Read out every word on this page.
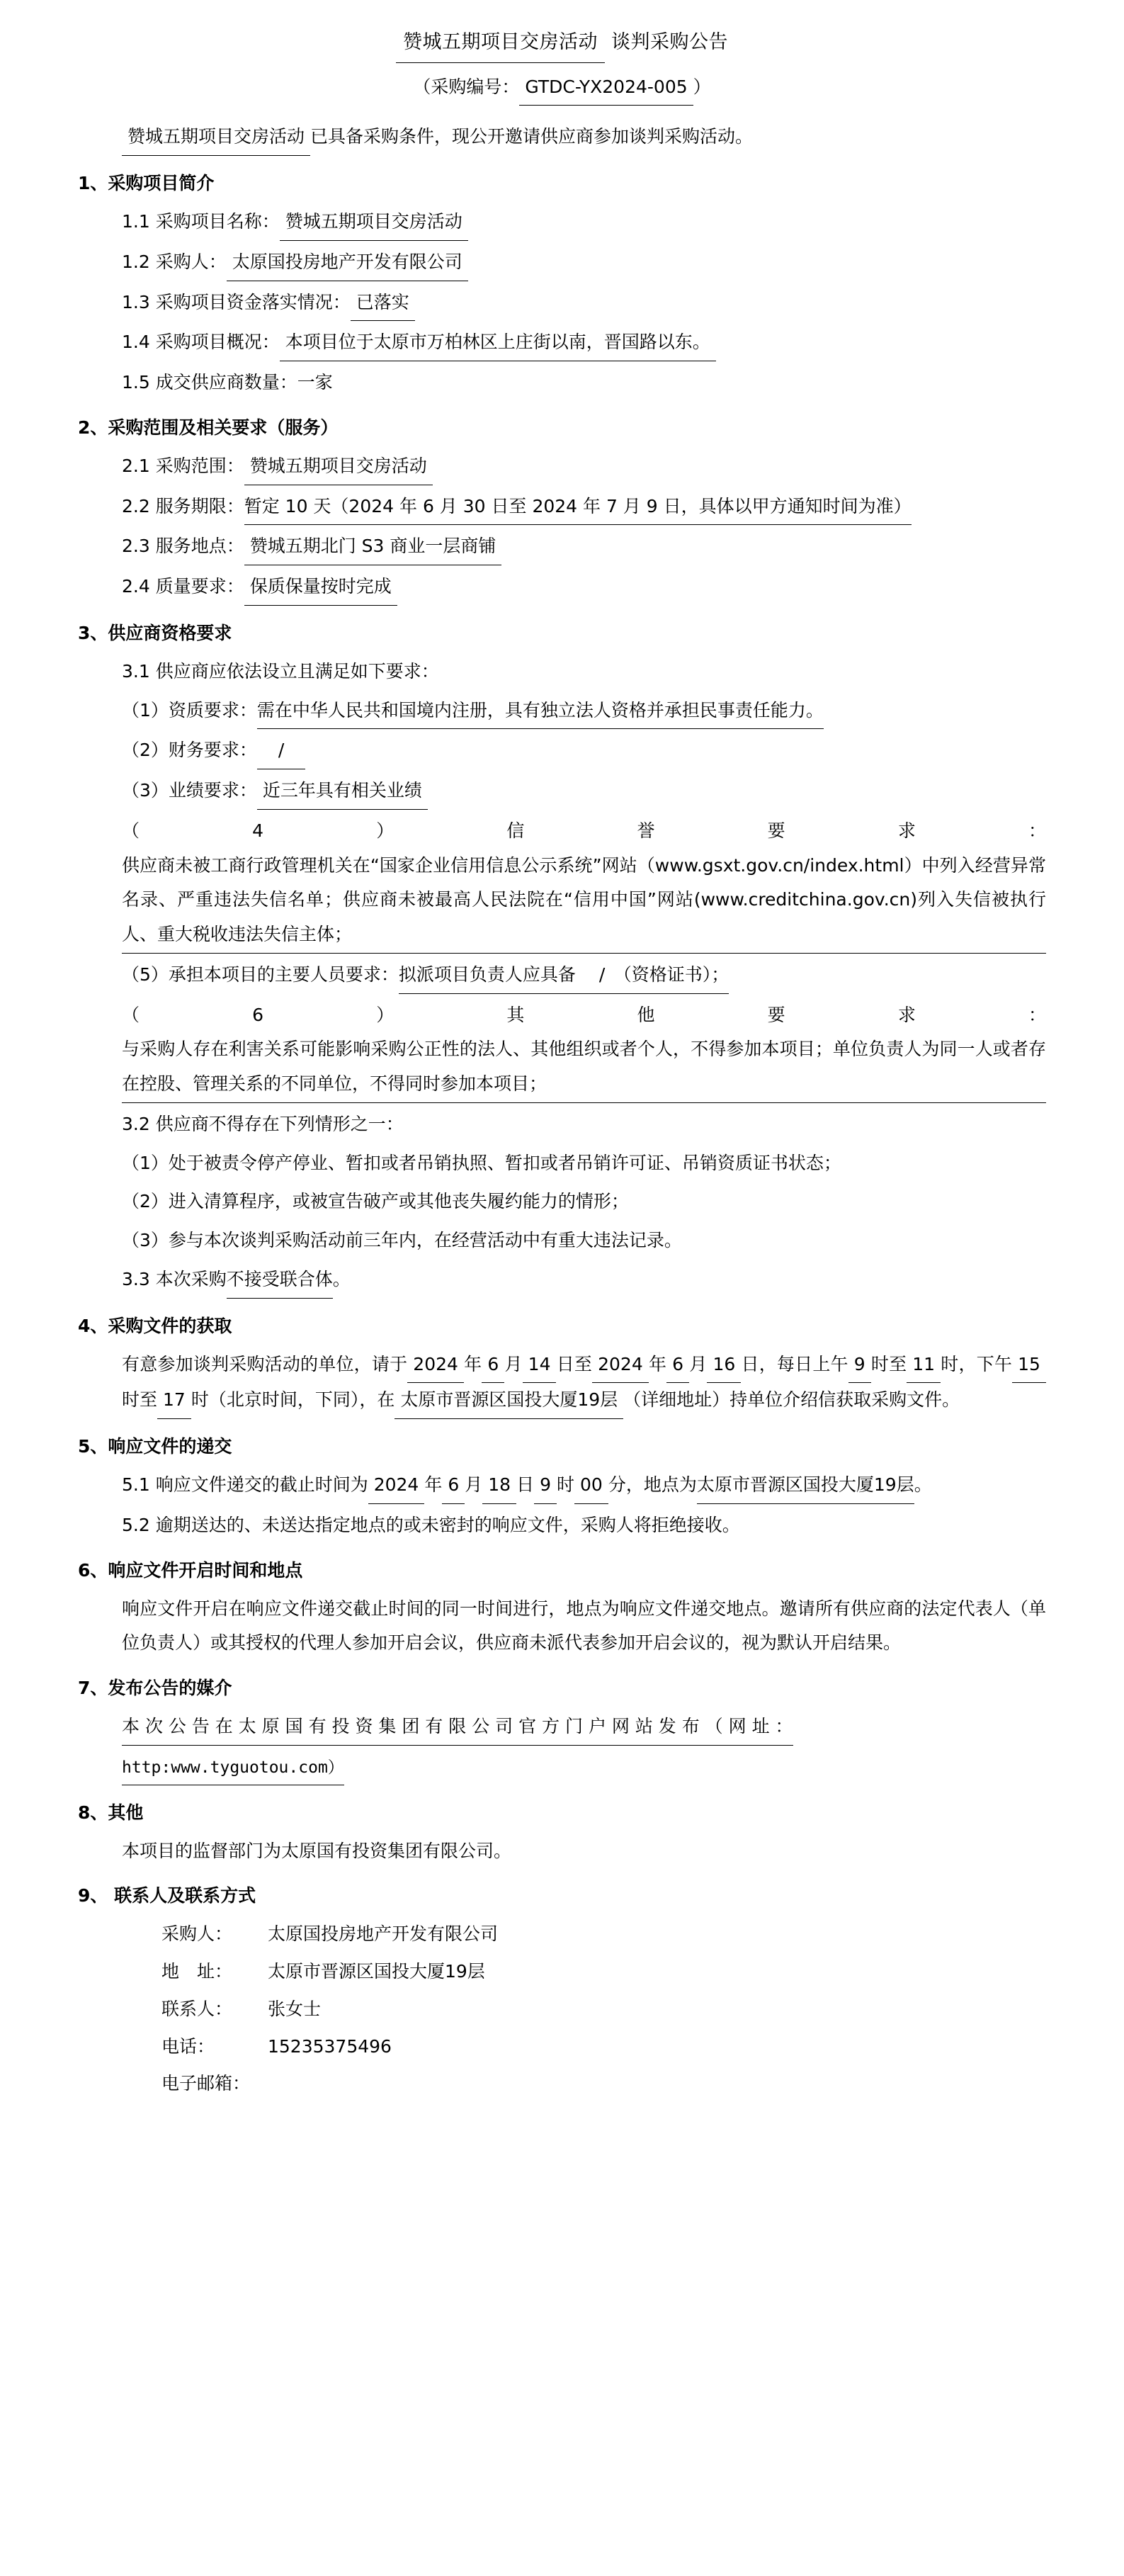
赞城五期项目交房活动 谈判采购公告
（采购编号： GTDC-YX2024-005 ）
赞城五期项目交房活动 已具备采购条件，现公开邀请供应商参加谈判采购活动。
1、采购项目简介
1.1 采购项目名称： 赞城五期项目交房活动
1.2 采购人： 太原国投房地产开发有限公司
1.3 采购项目资金落实情况： 已落实
1.4 采购项目概况： 本项目位于太原市万柏林区上庄街以南，晋国路以东。
1.5 成交供应商数量：一家
2、采购范围及相关要求（服务）
2.1 采购范围： 赞城五期项目交房活动
2.2 服务期限：暂定 10 天（2024 年 6 月 30 日至 2024 年 7 月 9 日，具体以甲方通知时间为准）
2.3 服务地点： 赞城五期北门 S3 商业一层商铺
2.4 质量要求： 保质保量按时完成
3、供应商资格要求
3.1 供应商应依法设立且满足如下要求：
（1）资质要求：需在中华人民共和国境内注册，具有独立法人资格并承担民事责任能力。
（2）财务要求： /
（3）业绩要求： 近三年具有相关业绩
（4）信誉要求：供应商未被工商行政管理机关在“国家企业信用信息公示系统”网站（www.gsxt.gov.cn/index.html）中列入经营异常名录、严重违法失信名单；供应商未被最高人民法院在“信用中国”网站(www.creditchina.gov.cn)列入失信被执行人、重大税收违法失信主体；
（5）承担本项目的主要人员要求：拟派项目负责人应具备 　/　（资格证书）；
（6）其他要求：与采购人存在利害关系可能影响采购公正性的法人、其他组织或者个人，不得参加本项目；单位负责人为同一人或者存在控股、管理关系的不同单位，不得同时参加本项目；
3.2 供应商不得存在下列情形之一：
（1）处于被责令停产停业、暂扣或者吊销执照、暂扣或者吊销许可证、吊销资质证书状态；
（2）进入清算程序，或被宣告破产或其他丧失履约能力的情形；
（3）参与本次谈判采购活动前三年内，在经营活动中有重大违法记录。
3.3 本次采购不接受联合体。
4、采购文件的获取
有意参加谈判采购活动的单位，请于 2024 年 6 月 14 日至 2024 年 6 月 16 日，每日上午 9 时至 11 时，下午 15时至 17 时（北京时间，下同），在 太原市晋源区国投大厦19层 （详细地址）持单位介绍信获取采购文件。
5、响应文件的递交
5.1 响应文件递交的截止时间为 2024 年 6 月 18 日 9 时 00 分，地点为太原市晋源区国投大厦19层。
5.2 逾期送达的、未送达指定地点的或未密封的响应文件，采购人将拒绝接收。
6、响应文件开启时间和地点
响应文件开启在响应文件递交截止时间的同一时间进行，地点为响应文件递交地点。邀请所有供应商的法定代表人（单位负责人）或其授权的代理人参加开启会议，供应商未派代表参加开启会议的，视为默认开启结果。
7、发布公告的媒介
本 次 公 告 在 太 原 国 有 投 资 集 团 有 限 公 司 官 方 门 户 网 站 发 布 （ 网 址 ：
http:www.tyguotou.com）
8、其他
本项目的监督部门为太原国有投资集团有限公司。
9、 联系人及联系方式
采购人：	太原国投房地产开发有限公司
地　址：	太原市晋源区国投大厦19层
联系人：	张女士
电话：	15235375496
电子邮箱：
